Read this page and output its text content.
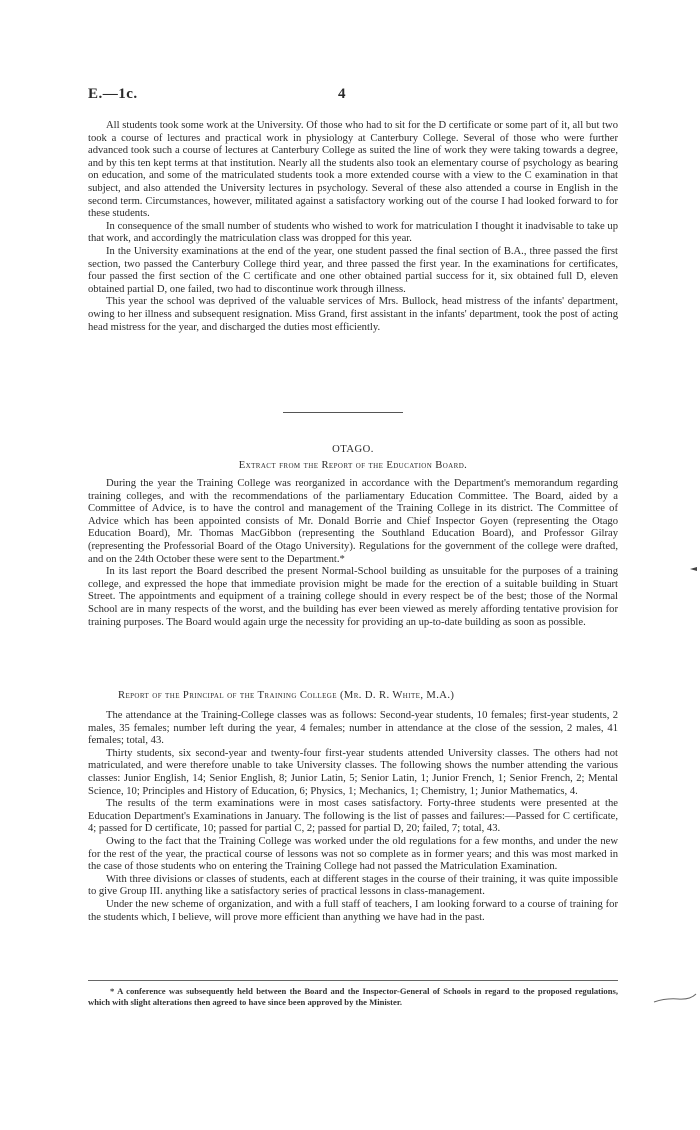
E.—1c.	4

All students took some work at the University. Of those who had to sit for the D certificate or some part of it, all but two took a course of lectures and practical work in physiology at Canterbury College. Several of those who were further advanced took such a course of lectures at Canterbury College as suited the line of work they were taking towards a degree, and by this ten kept terms at that institution. Nearly all the students also took an elementary course of psychology as bearing on education, and some of the matriculated students took a more extended course with a view to the C examination in that subject, and also attended the University lectures in psychology. Several of these also attended a course in English in the second term. Circumstances, however, militated against a satisfactory working out of the course I had looked forward to for these students.

In consequence of the small number of students who wished to work for matriculation I thought it inadvisable to take up that work, and accordingly the matriculation class was dropped for this year.

In the University examinations at the end of the year, one student passed the final section of B.A., three passed the first section, two passed the Canterbury College third year, and three passed the first year. In the examinations for certificates, four passed the first section of the C certificate and one other obtained partial success for it, six obtained full D, eleven obtained partial D, one failed, two had to discontinue work through illness.

This year the school was deprived of the valuable services of Mrs. Bullock, head mistress of the infants' department, owing to her illness and subsequent resignation. Miss Grand, first assistant in the infants' department, took the post of acting head mistress for the year, and discharged the duties most efficiently.

OTAGO.
Extract from the Report of the Education Board.

During the year the Training College was reorganized in accordance with the Department's memorandum regarding training colleges, and with the recommendations of the parliamentary Education Committee. The Board, aided by a Committee of Advice, is to have the control and management of the Training College in its district. The Committee of Advice which has been appointed consists of Mr. Donald Borrie and Chief Inspector Goyen (representing the Otago Education Board), Mr. Thomas MacGibbon (representing the Southland Education Board), and Professor Gilray (representing the Professorial Board of the Otago University). Regulations for the government of the college were drafted, and on the 24th October these were sent to the Department.*

In its last report the Board described the present Normal-School building as unsuitable for the purposes of a training college, and expressed the hope that immediate provision might be made for the erection of a suitable building in Stuart Street. The appointments and equipment of a training college should in every respect be of the best; those of the Normal School are in many respects of the worst, and the building has ever been viewed as merely affording tentative provision for training purposes. The Board would again urge the necessity for providing an up-to-date building as soon as possible.

Report of the Principal of the Training College (Mr. D. R. White, M.A.)

The attendance at the Training-College classes was as follows: Second-year students, 10 females; first-year students, 2 males, 35 females; number left during the year, 4 females; number in attendance at the close of the session, 2 males, 41 females; total, 43.

Thirty students, six second-year and twenty-four first-year students attended University classes. The others had not matriculated, and were therefore unable to take University classes. The following shows the number attending the various classes: Junior English, 14; Senior English, 8; Junior Latin, 5; Senior Latin, 1; Junior French, 1; Senior French, 2; Mental Science, 10; Principles and History of Education, 6; Physics, 1; Mechanics, 1; Chemistry, 1; Junior Mathematics, 4.

The results of the term examinations were in most cases satisfactory. Forty-three students were presented at the Education Department's Examinations in January. The following is the list of passes and failures:—Passed for C certificate, 4; passed for D certificate, 10; passed for partial C, 2; passed for partial D, 20; failed, 7; total, 43.

Owing to the fact that the Training College was worked under the old regulations for a few months, and under the new for the rest of the year, the practical course of lessons was not so complete as in former years; and this was most marked in the case of those students who on entering the Training College had not passed the Matriculation Examination.

With three divisions or classes of students, each at different stages in the course of their training, it was quite impossible to give Group III. anything like a satisfactory series of practical lessons in class-management.

Under the new scheme of organization, and with a full staff of teachers, I am looking forward to a course of training for the students which, I believe, will prove more efficient than anything we have had in the past.

* A conference was subsequently held between the Board and the Inspector-General of Schools in regard to the proposed regulations, which with slight alterations then agreed to have since been approved by the Minister.
